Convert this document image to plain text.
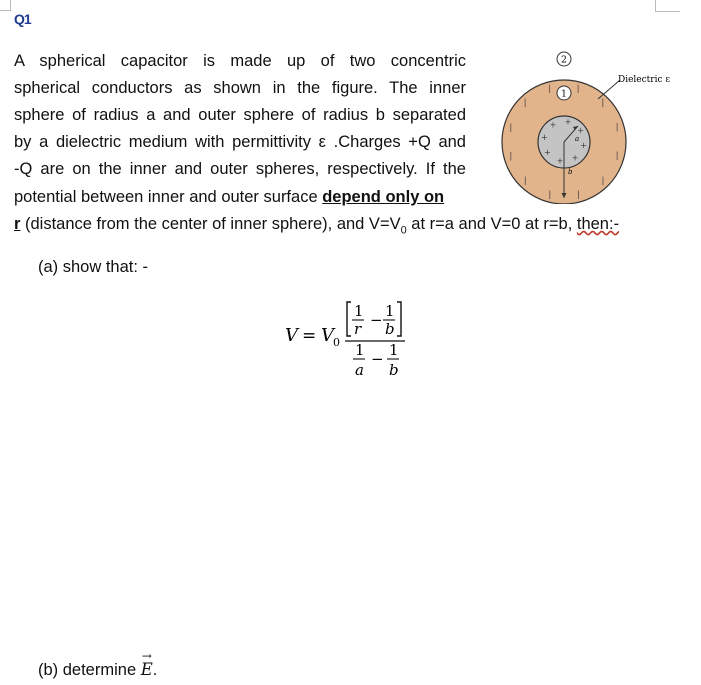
Q1
A spherical capacitor is made up of two concentric
spherical conductors as shown in the figure. The inner
sphere of radius a and outer sphere of radius b separated
by a dielectric medium with permittivity ε .Charges +Q and
-Q are on the inner and outer spheres, respectively. If the
potential between inner and outer surface depend only on
r (distance from the center of inner sphere), and $V=V_0$ at r=a and V=0 at r=b, then:-
(a) show that: -
V = V 0
1
r − 1
b
1
a
− 1
b
|
|
|
|
|
|
|
|
|	|
|
|
+
+
+
+
+
+ +
+
a
b
2
1
Dielectric ε
(b) determine
→
E.
